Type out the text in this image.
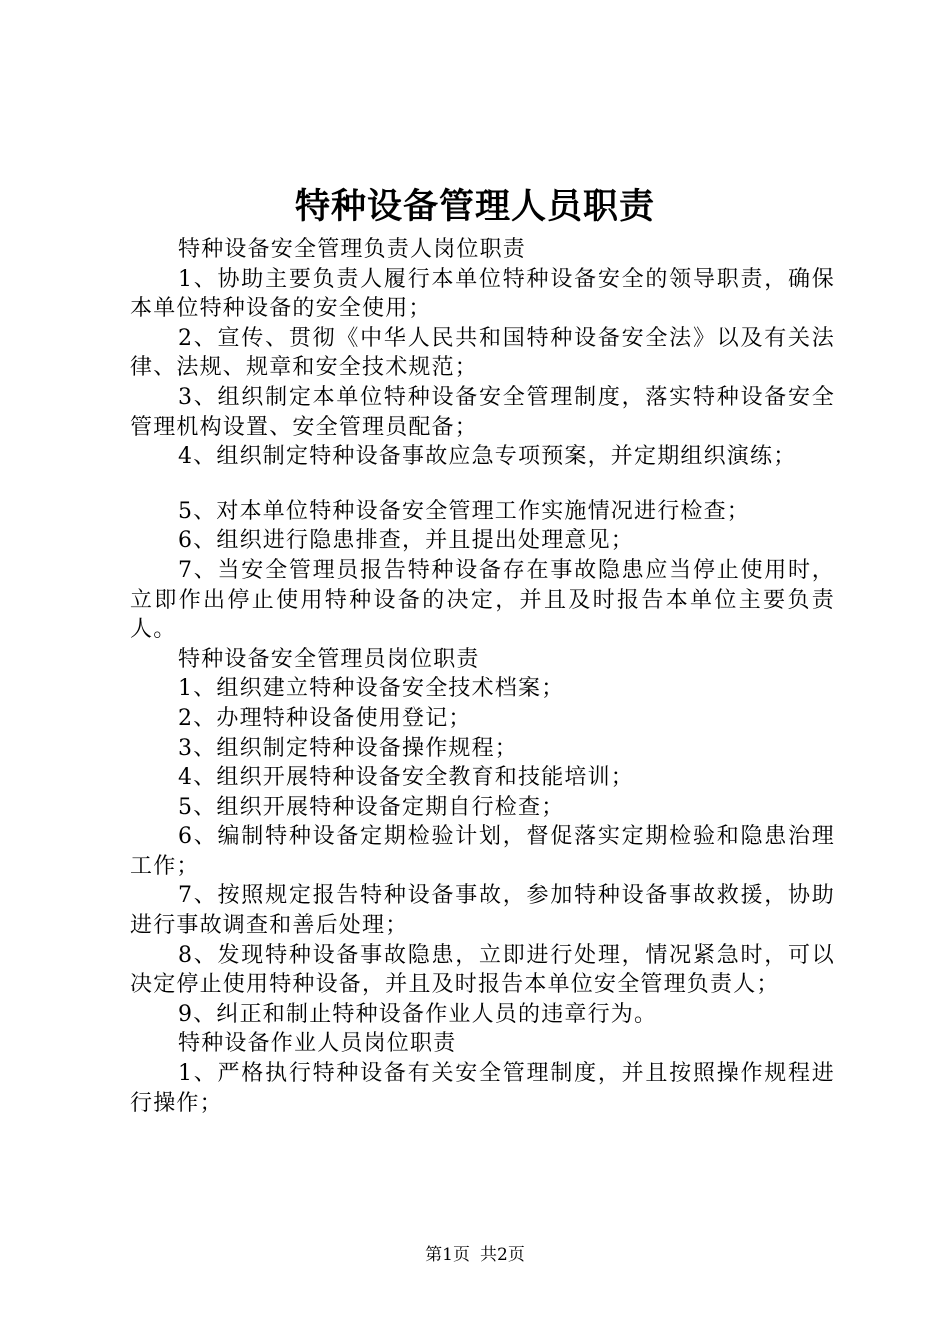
特种设备管理人员职责

特种设备安全管理负责人岗位职责

1、协助主要负责人履行本单位特种设备安全的领导职责，确保本单位特种设备的安全使用；

2、宣传、贯彻《中华人民共和国特种设备安全法》以及有关法律、法规、规章和安全技术规范；

3、组织制定本单位特种设备安全管理制度，落实特种设备安全管理机构设置、安全管理员配备；

4、组织制定特种设备事故应急专项预案，并定期组织演练；

5、对本单位特种设备安全管理工作实施情况进行检查；

6、组织进行隐患排查，并且提出处理意见；

7、当安全管理员报告特种设备存在事故隐患应当停止使用时，立即作出停止使用特种设备的决定，并且及时报告本单位主要负责人。

特种设备安全管理员岗位职责

1、组织建立特种设备安全技术档案；

2、办理特种设备使用登记；

3、组织制定特种设备操作规程；

4、组织开展特种设备安全教育和技能培训；

5、组织开展特种设备定期自行检查；

6、编制特种设备定期检验计划，督促落实定期检验和隐患治理工作；

7、按照规定报告特种设备事故，参加特种设备事故救援，协助进行事故调查和善后处理；

8、发现特种设备事故隐患，立即进行处理，情况紧急时，可以决定停止使用特种设备，并且及时报告本单位安全管理负责人；

9、纠正和制止特种设备作业人员的违章行为。

特种设备作业人员岗位职责

1、严格执行特种设备有关安全管理制度，并且按照操作规程进行操作；

第1页 共2页
